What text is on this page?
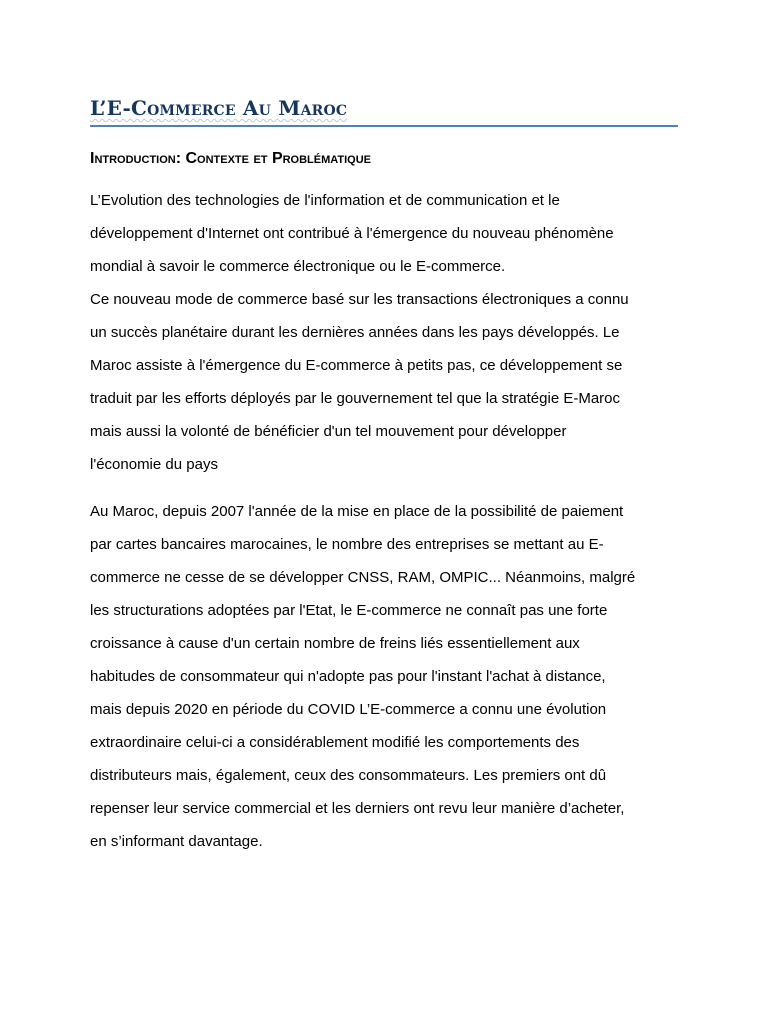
L’E-Commerce Au Maroc
Introduction: Contexte et Problématique

L’Evolution des technologies de l'information et de communication et le
développement d'Internet ont contribué à l'émergence du nouveau phénomène
mondial à savoir le commerce électronique ou le E-commerce.
Ce nouveau mode de commerce basé sur les transactions électroniques a connu
un succès planétaire durant les dernières années dans les pays développés. Le
Maroc assiste à l'émergence du E-commerce à petits pas, ce développement se
traduit par les efforts déployés par le gouvernement tel que la stratégie E-Maroc
mais aussi la volonté de bénéficier d'un tel mouvement pour développer
l'économie du pays

Au Maroc, depuis 2007 l'année de la mise en place de la possibilité de paiement
par cartes bancaires marocaines, le nombre des entreprises se mettant au E-
commerce ne cesse de se développer CNSS, RAM, OMPIC... Néanmoins, malgré
les structurations adoptées par l'Etat, le E-commerce ne connaît pas une forte
croissance à cause d'un certain nombre de freins liés essentiellement aux
habitudes de consommateur qui n'adopte pas pour l'instant l'achat à distance,
mais depuis 2020 en période du COVID L’E-commerce a connu une évolution
extraordinaire celui-ci a considérablement modifié les comportements des
distributeurs mais, également, ceux des consommateurs. Les premiers ont dû
repenser leur service commercial et les derniers ont revu leur manière d’acheter,
en s’informant davantage.
